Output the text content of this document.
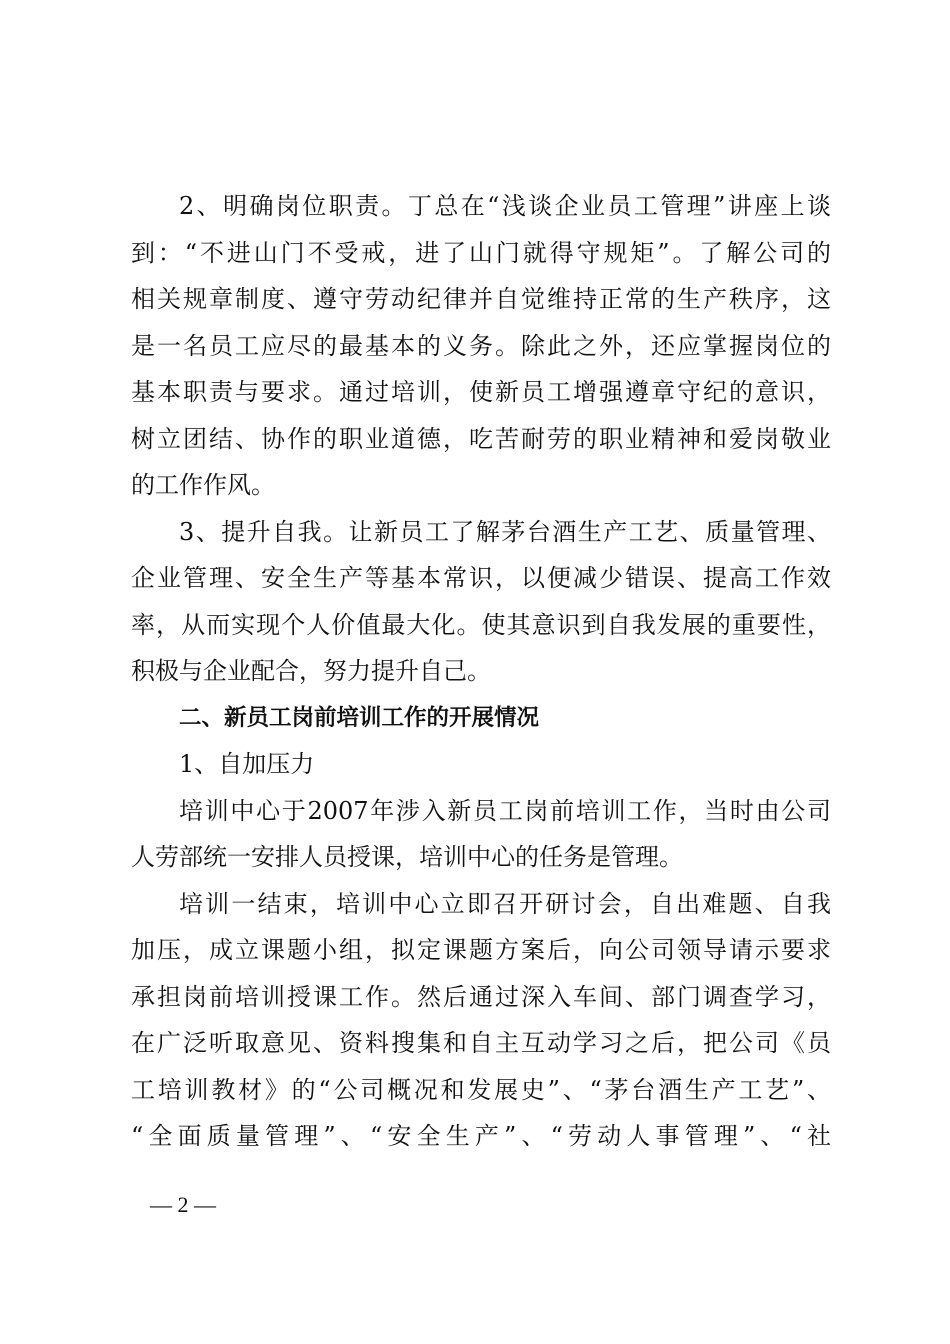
2、明确岗位职责。丁总在“浅谈企业员工管理”讲座上谈
到：“不进山门不受戒，进了山门就得守规矩”。了解公司的
相关规章制度、遵守劳动纪律并自觉维持正常的生产秩序，这
是一名员工应尽的最基本的义务。除此之外，还应掌握岗位的
基本职责与要求。通过培训，使新员工增强遵章守纪的意识，
树立团结、协作的职业道德，吃苦耐劳的职业精神和爱岗敬业
的工作作风。
3、提升自我。让新员工了解茅台酒生产工艺、质量管理、
企业管理、安全生产等基本常识，以便减少错误、提高工作效
率，从而实现个人价值最大化。使其意识到自我发展的重要性，
积极与企业配合，努力提升自己。
二、新员工岗前培训工作的开展情况
1、自加压力
培训中心于2007年涉入新员工岗前培训工作，当时由公司
人劳部统一安排人员授课，培训中心的任务是管理。
培训一结束，培训中心立即召开研讨会，自出难题、自我
加压，成立课题小组，拟定课题方案后，向公司领导请示要求
承担岗前培训授课工作。然后通过深入车间、部门调查学习，
在广泛听取意见、资料搜集和自主互动学习之后，把公司《员
工培训教材》的“公司概况和发展史”、“茅台酒生产工艺”、
“全面质量管理”、“安全生产”、“劳动人事管理”、“社
— 2 —
